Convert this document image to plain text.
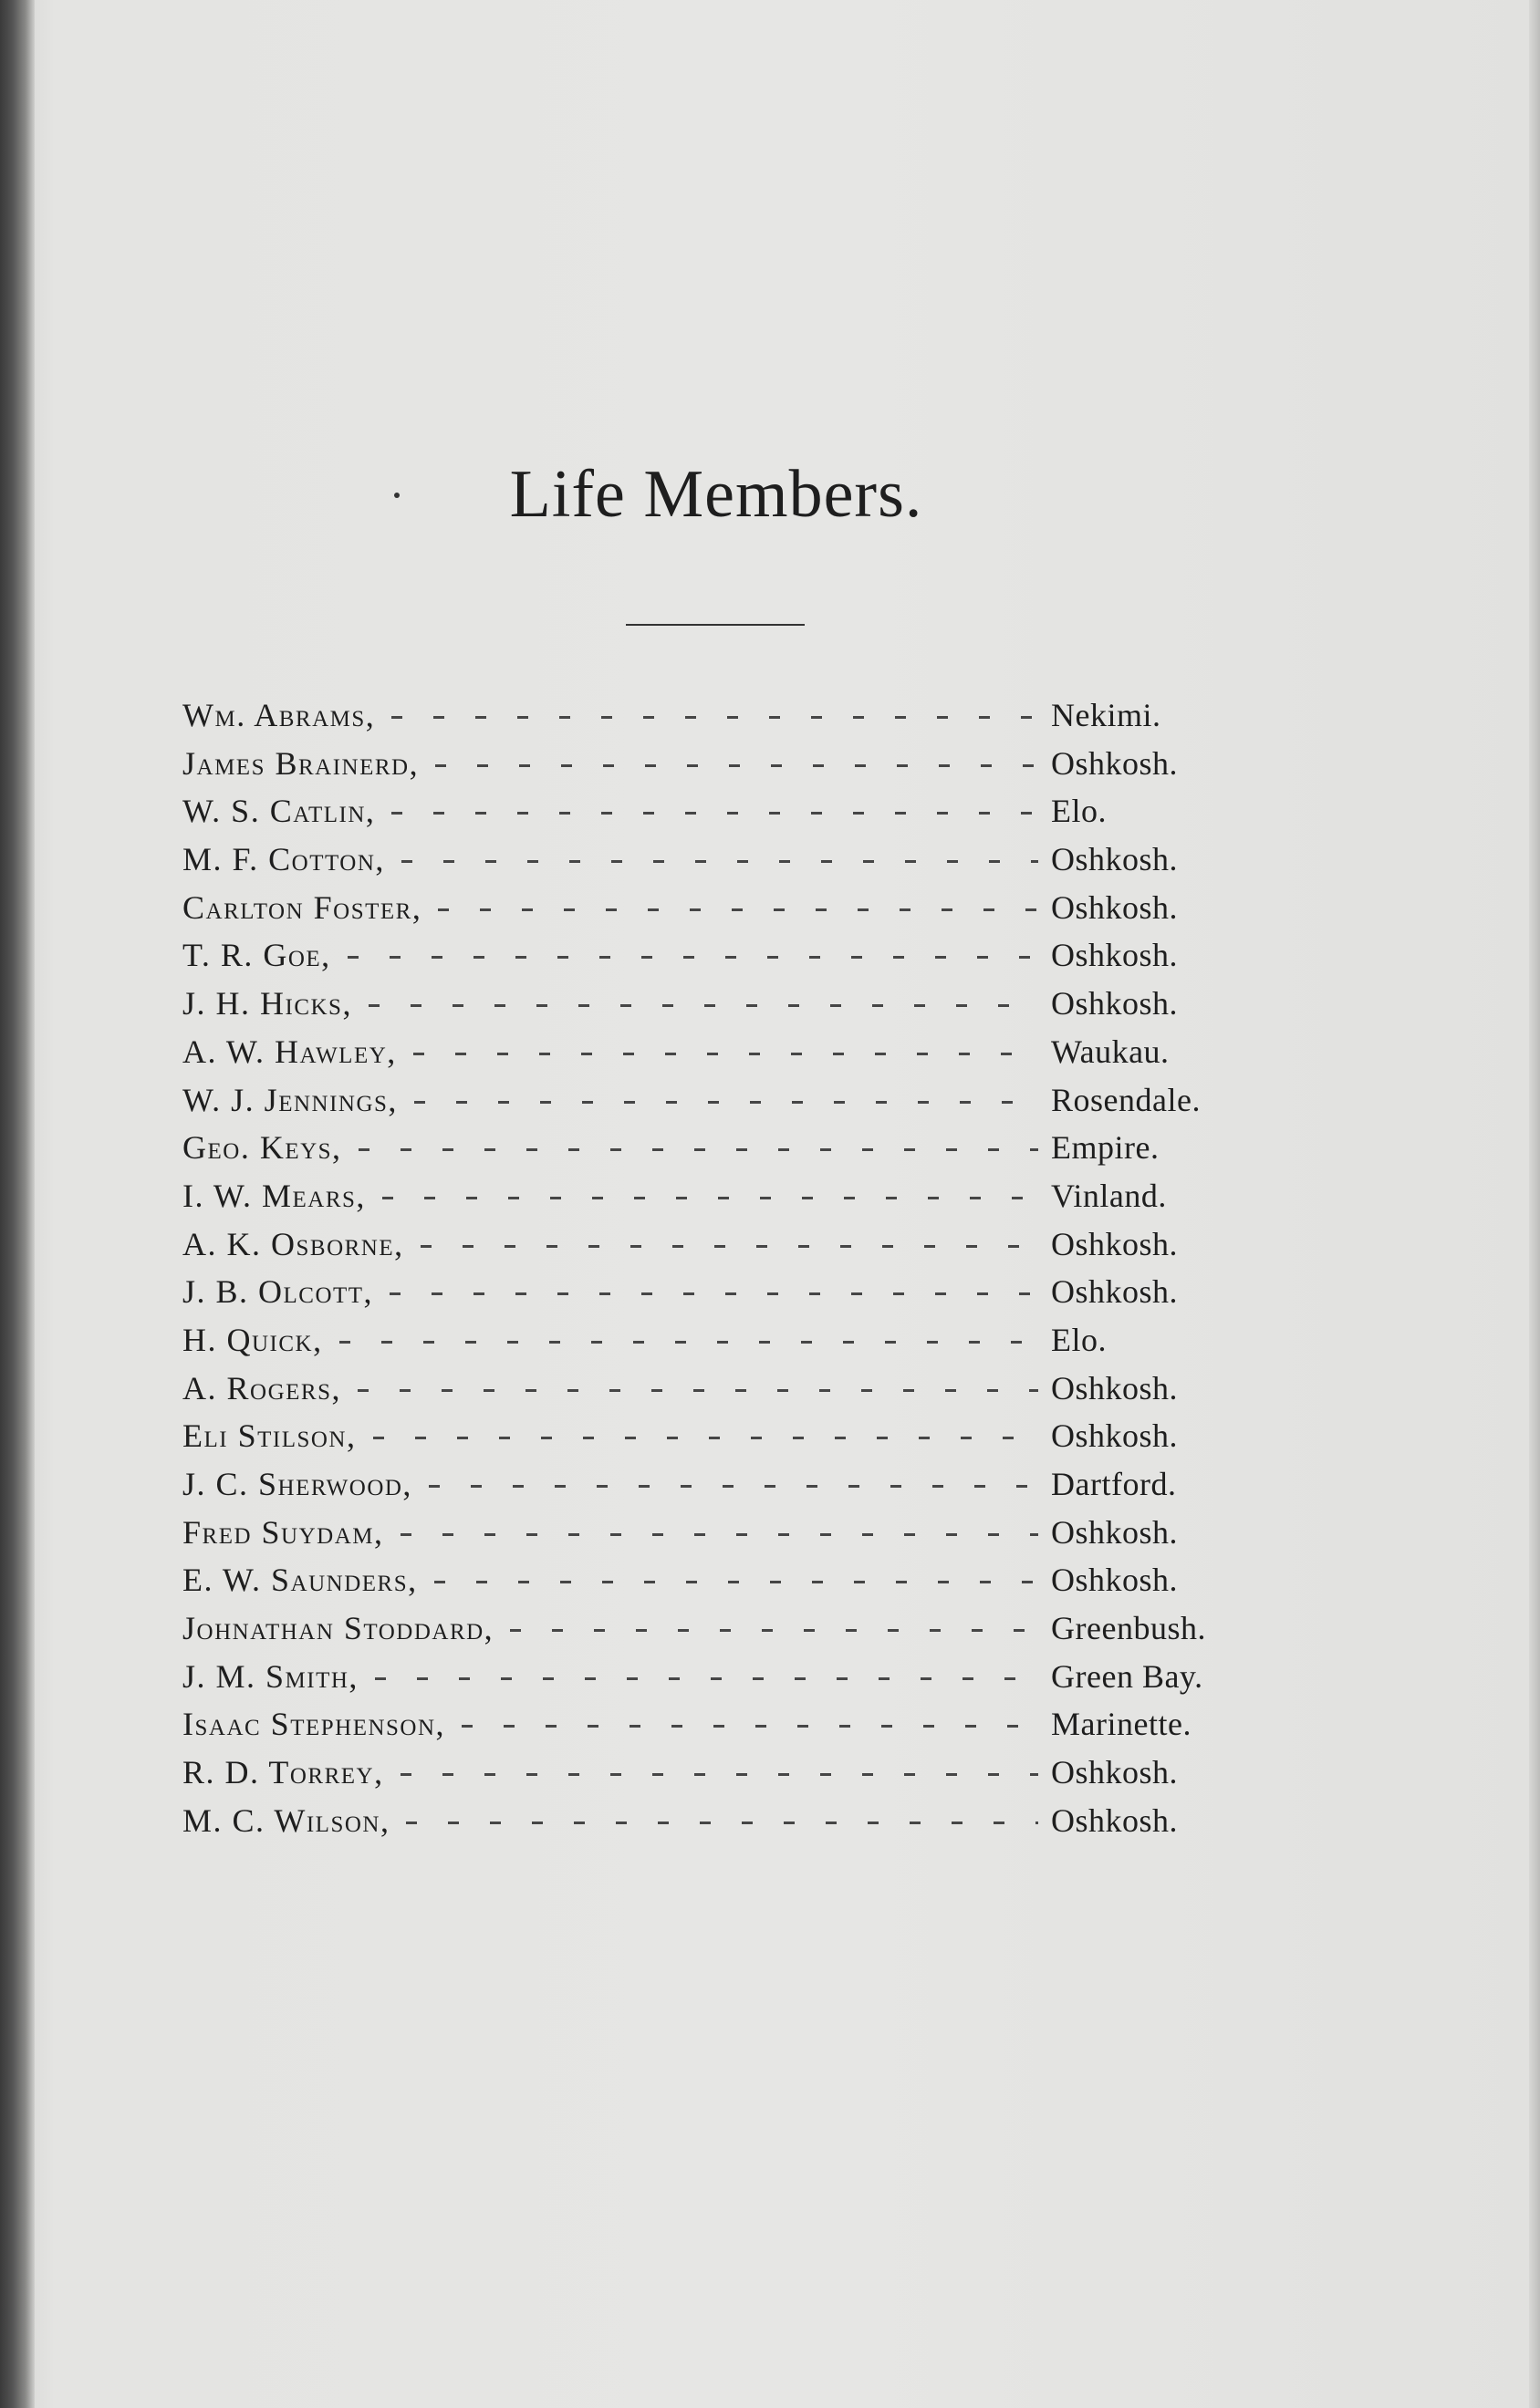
Life Members.
Wm. Abrams,	Nekimi.
James Brainerd,	Oshkosh.
W. S. Catlin,	Elo.
M. F. Cotton,	Oshkosh.
Carlton Foster,	Oshkosh.
T. R. Goe,	Oshkosh.
J. H. Hicks,	Oshkosh.
A. W. Hawley,	Waukau.
W. J. Jennings,	Rosendale.
Geo. Keys,	Empire.
I. W. Mears,	Vinland.
A. K. Osborne,	Oshkosh.
J. B. Olcott,	Oshkosh.
H. Quick,	Elo.
A. Rogers,	Oshkosh.
Eli Stilson,	Oshkosh.
J. C. Sherwood,	Dartford.
Fred Suydam,	Oshkosh.
E. W. Saunders,	Oshkosh.
Johnathan Stoddard,	Greenbush.
J. M. Smith,	Green Bay.
Isaac Stephenson,	Marinette.
R. D. Torrey,	Oshkosh.
M. C. Wilson,	Oshkosh.
